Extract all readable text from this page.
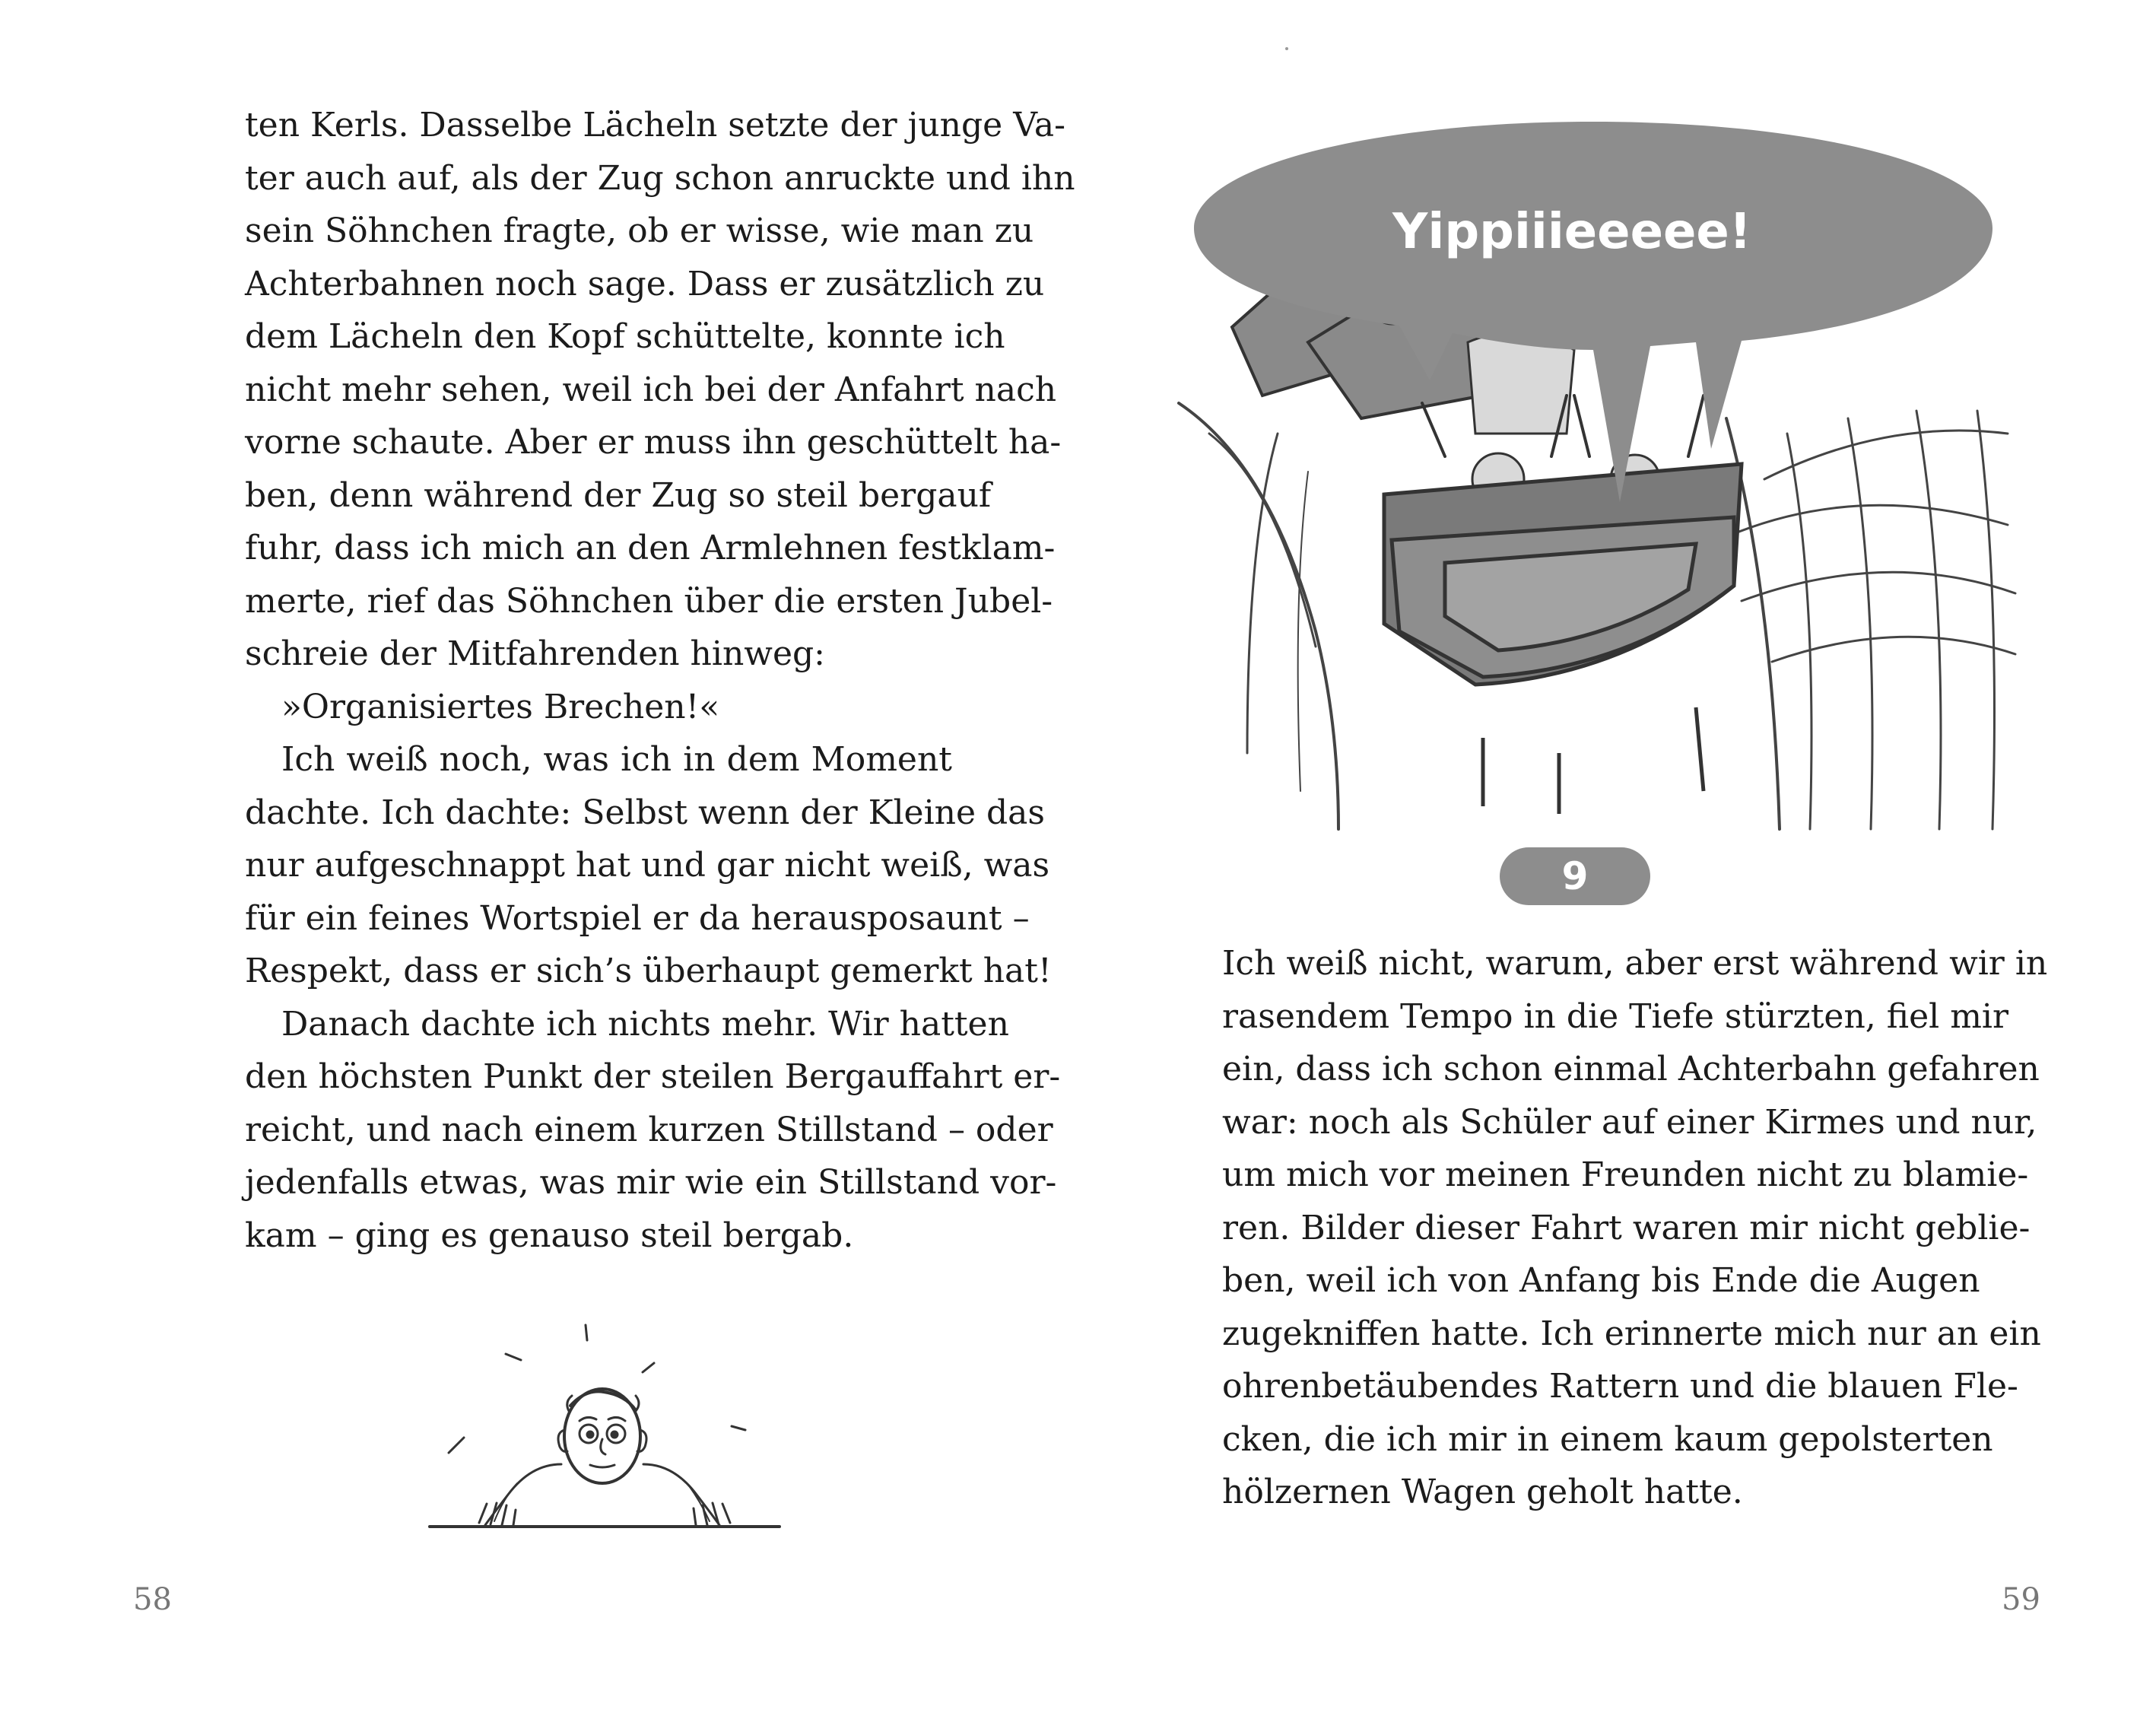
ten Kerls. Dasselbe Lächeln setzte der junge Va-
ter auch auf, als der Zug schon anruckte und ihn
sein Söhnchen fragte, ob er wisse, wie man zu
Achterbahnen noch sage. Dass er zusätzlich zu
dem Lächeln den Kopf schüttelte, konnte ich
nicht mehr sehen, weil ich bei der Anfahrt nach
vorne schaute. Aber er muss ihn geschüttelt ha-
ben, denn während der Zug so steil bergauf
fuhr, dass ich mich an den Armlehnen festklam-
merte, rief das Söhnchen über die ersten Jubel-
schreie der Mitfahrenden hinweg:
»Organisiertes Brechen!«
Ich weiß noch, was ich in dem Moment
dachte. Ich dachte: Selbst wenn der Kleine das
nur aufgeschnappt hat und gar nicht weiß, was
für ein feines Wortspiel er da herausposaunt –
Respekt, dass er sich’s überhaupt gemerkt hat!
Danach dachte ich nichts mehr. Wir hatten
den höchsten Punkt der steilen Bergauffahrt er-
reicht, und nach einem kurzen Stillstand – oder
jedenfalls etwas, was mir wie ein Stillstand vor-
kam – ging es genauso steil bergab.
58
Yippiiieeeee!
9
Ich weiß nicht, warum, aber erst während wir in
rasendem Tempo in die Tiefe stürzten, fiel mir
ein, dass ich schon einmal Achterbahn gefahren
war: noch als Schüler auf einer Kirmes und nur,
um mich vor meinen Freunden nicht zu blamie-
ren. Bilder dieser Fahrt waren mir nicht geblie-
ben, weil ich von Anfang bis Ende die Augen
zugekniffen hatte. Ich erinnerte mich nur an ein
ohrenbetäubendes Rattern und die blauen Fle-
cken, die ich mir in einem kaum gepolsterten
hölzernen Wagen geholt hatte.
59
